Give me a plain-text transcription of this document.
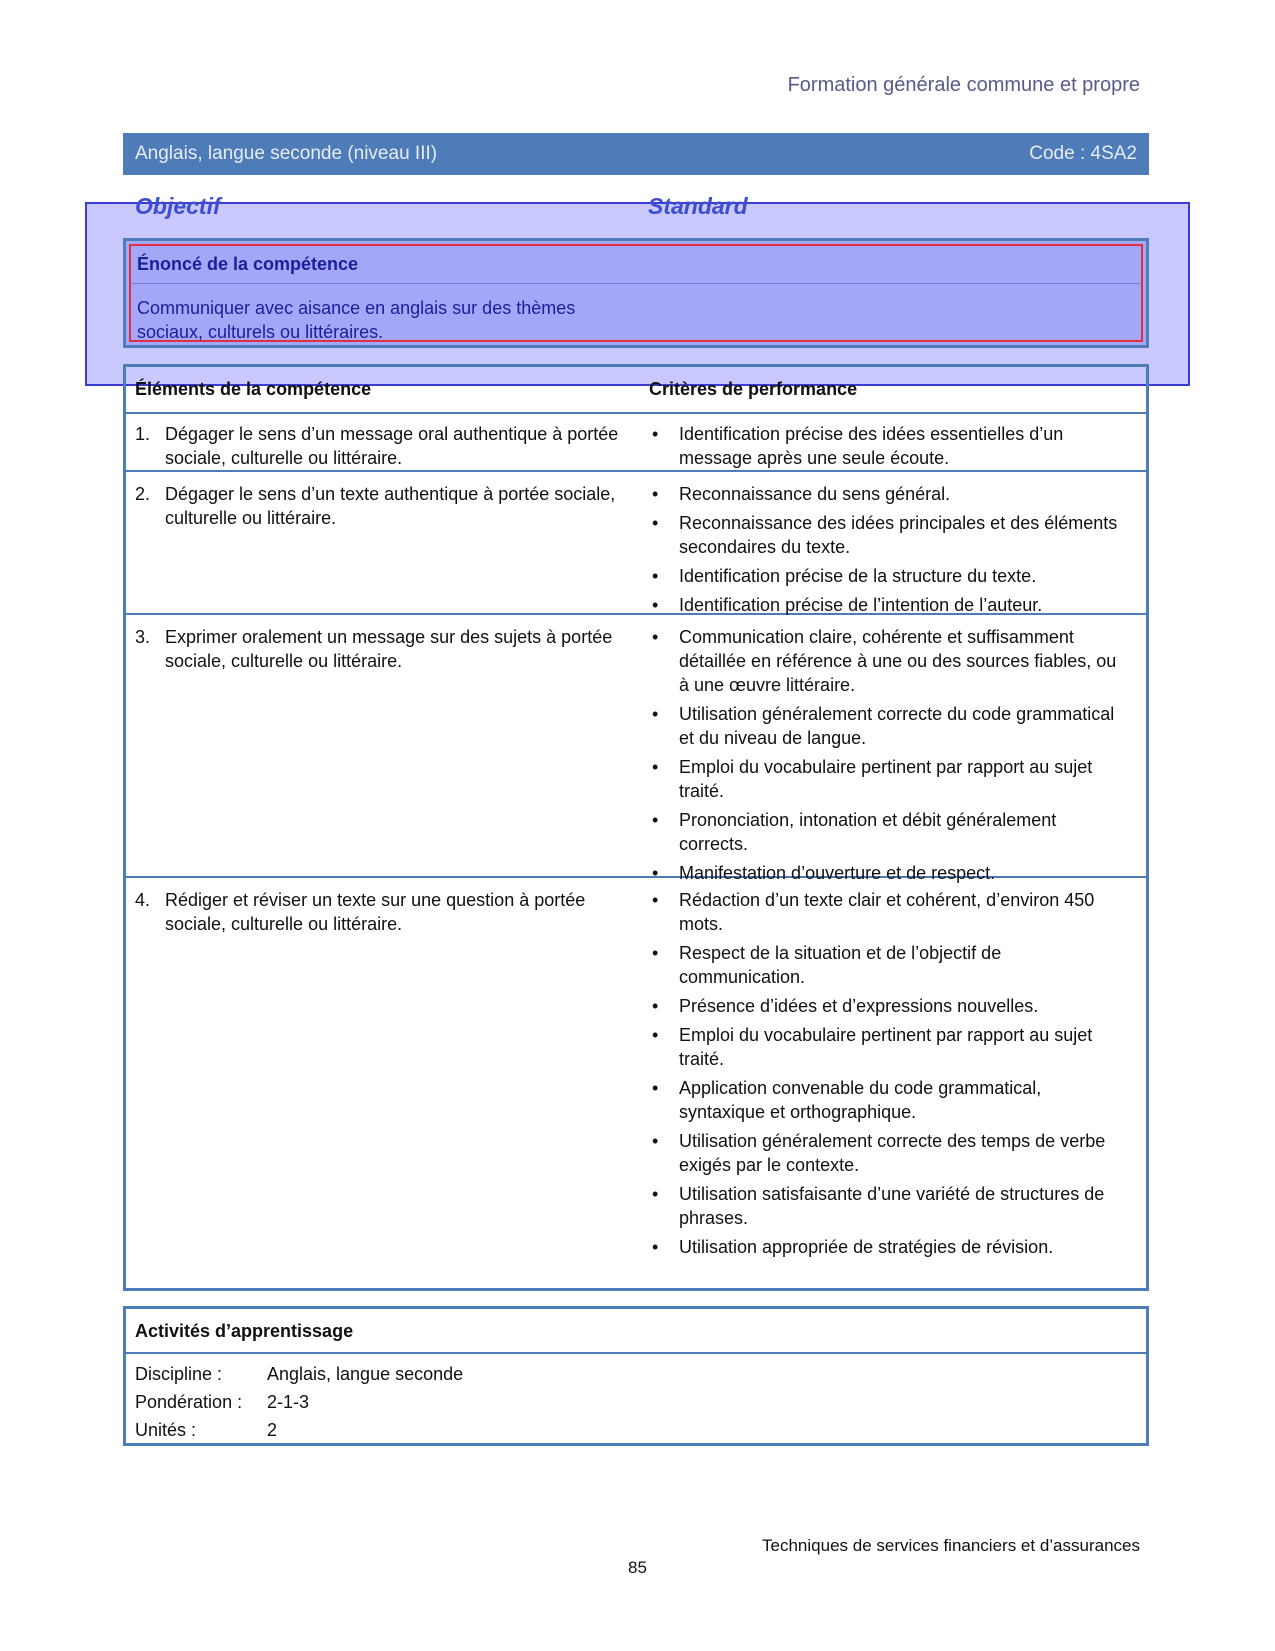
Formation générale commune et propre
Anglais, langue seconde (niveau III)	Code : 4SA2
Objectif	Standard
Énoncé de la compétence
Communiquer avec aisance en anglais sur des thèmes sociaux, culturels ou littéraires.
Éléments de la compétence	Critères de performance
1. Dégager le sens d’un message oral authentique à portée sociale, culturelle ou littéraire.
• Identification précise des idées essentielles d’un message après une seule écoute.
2. Dégager le sens d’un texte authentique à portée sociale, culturelle ou littéraire.
• Reconnaissance du sens général.
• Reconnaissance des idées principales et des éléments secondaires du texte.
• Identification précise de la structure du texte.
• Identification précise de l’intention de l’auteur.
3. Exprimer oralement un message sur des sujets à portée sociale, culturelle ou littéraire.
• Communication claire, cohérente et suffisamment détaillée en référence à une ou des sources fiables, ou à une œuvre littéraire.
• Utilisation généralement correcte du code grammatical et du niveau de langue.
• Emploi du vocabulaire pertinent par rapport au sujet traité.
• Prononciation, intonation et débit généralement corrects.
• Manifestation d’ouverture et de respect.
4. Rédiger et réviser un texte sur une question à portée sociale, culturelle ou littéraire.
• Rédaction d’un texte clair et cohérent, d’environ 450 mots.
• Respect de la situation et de l’objectif de communication.
• Présence d’idées et d’expressions nouvelles.
• Emploi du vocabulaire pertinent par rapport au sujet traité.
• Application convenable du code grammatical, syntaxique et orthographique.
• Utilisation généralement correcte des temps de verbe exigés par le contexte.
• Utilisation satisfaisante d’une variété de structures de phrases.
• Utilisation appropriée de stratégies de révision.
Activités d’apprentissage
Discipline : Anglais, langue seconde
Pondération : 2-1-3
Unités :	2
Techniques de services financiers et d’assurances
85
